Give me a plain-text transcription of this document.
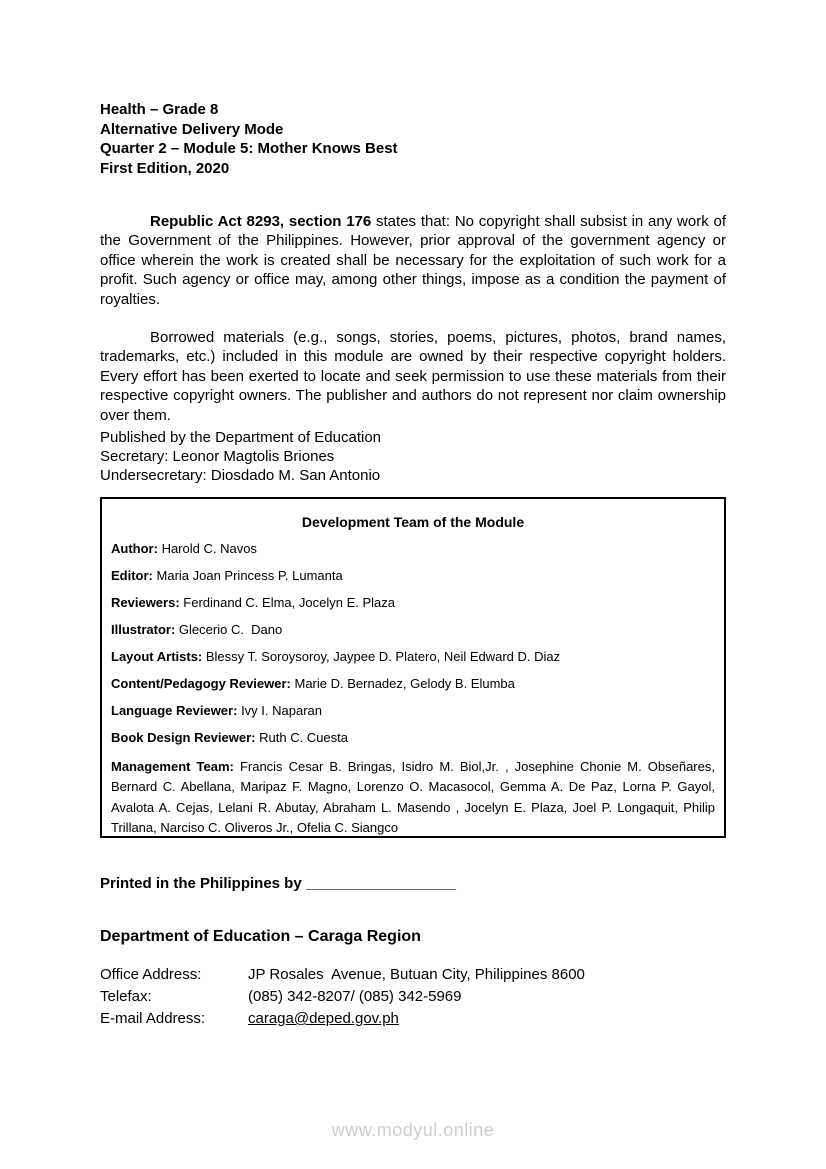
Health – Grade 8
Alternative Delivery Mode
Quarter 2 – Module 5: Mother Knows Best
First Edition, 2020

Republic Act 8293, section 176 states that: No copyright shall subsist in any work of the Government of the Philippines. However, prior approval of the government agency or office wherein the work is created shall be necessary for the exploitation of such work for a profit. Such agency or office may, among other things, impose as a condition the payment of royalties.

Borrowed materials (e.g., songs, stories, poems, pictures, photos, brand names, trademarks, etc.) included in this module are owned by their respective copyright holders. Every effort has been exerted to locate and seek permission to use these materials from their respective copyright owners. The publisher and authors do not represent nor claim ownership over them.

Published by the Department of Education
Secretary: Leonor Magtolis Briones
Undersecretary: Diosdado M. San Antonio
Development Team of the Module
Author: Harold C. Navos
Editor: Maria Joan Princess P. Lumanta
Reviewers: Ferdinand C. Elma, Jocelyn E. Plaza
Illustrator: Glecerio C.  Dano
Layout Artists: Blessy T. Soroysoroy, Jaypee D. Platero, Neil Edward D. Diaz
Content/Pedagogy Reviewer: Marie D. Bernadez, Gelody B. Elumba
Language Reviewer: Ivy I. Naparan
Book Design Reviewer: Ruth C. Cuesta

Management Team: Francis Cesar B. Bringas, Isidro M. Biol,Jr. , Josephine Chonie M. Obseñares, Bernard C. Abellana, Maripaz F. Magno, Lorenzo O. Macasocol, Gemma A. De Paz, Lorna P. Gayol, Avalota A. Cejas, Lelani R. Abutay, Abraham L. Masendo , Jocelyn E. Plaza, Joel P. Longaquit, Philip Trillana, Narciso C. Oliveros Jr., Ofelia C. Siangco

Printed in the Philippines by __________________
Department of Education – Caraga Region
Office Address:	JP Rosales  Avenue, Butuan City, Philippines 8600
Telefax:	(085) 342-8207/ (085) 342-5969
E-mail Address:	caraga@deped.gov.ph
www.modyul.online
